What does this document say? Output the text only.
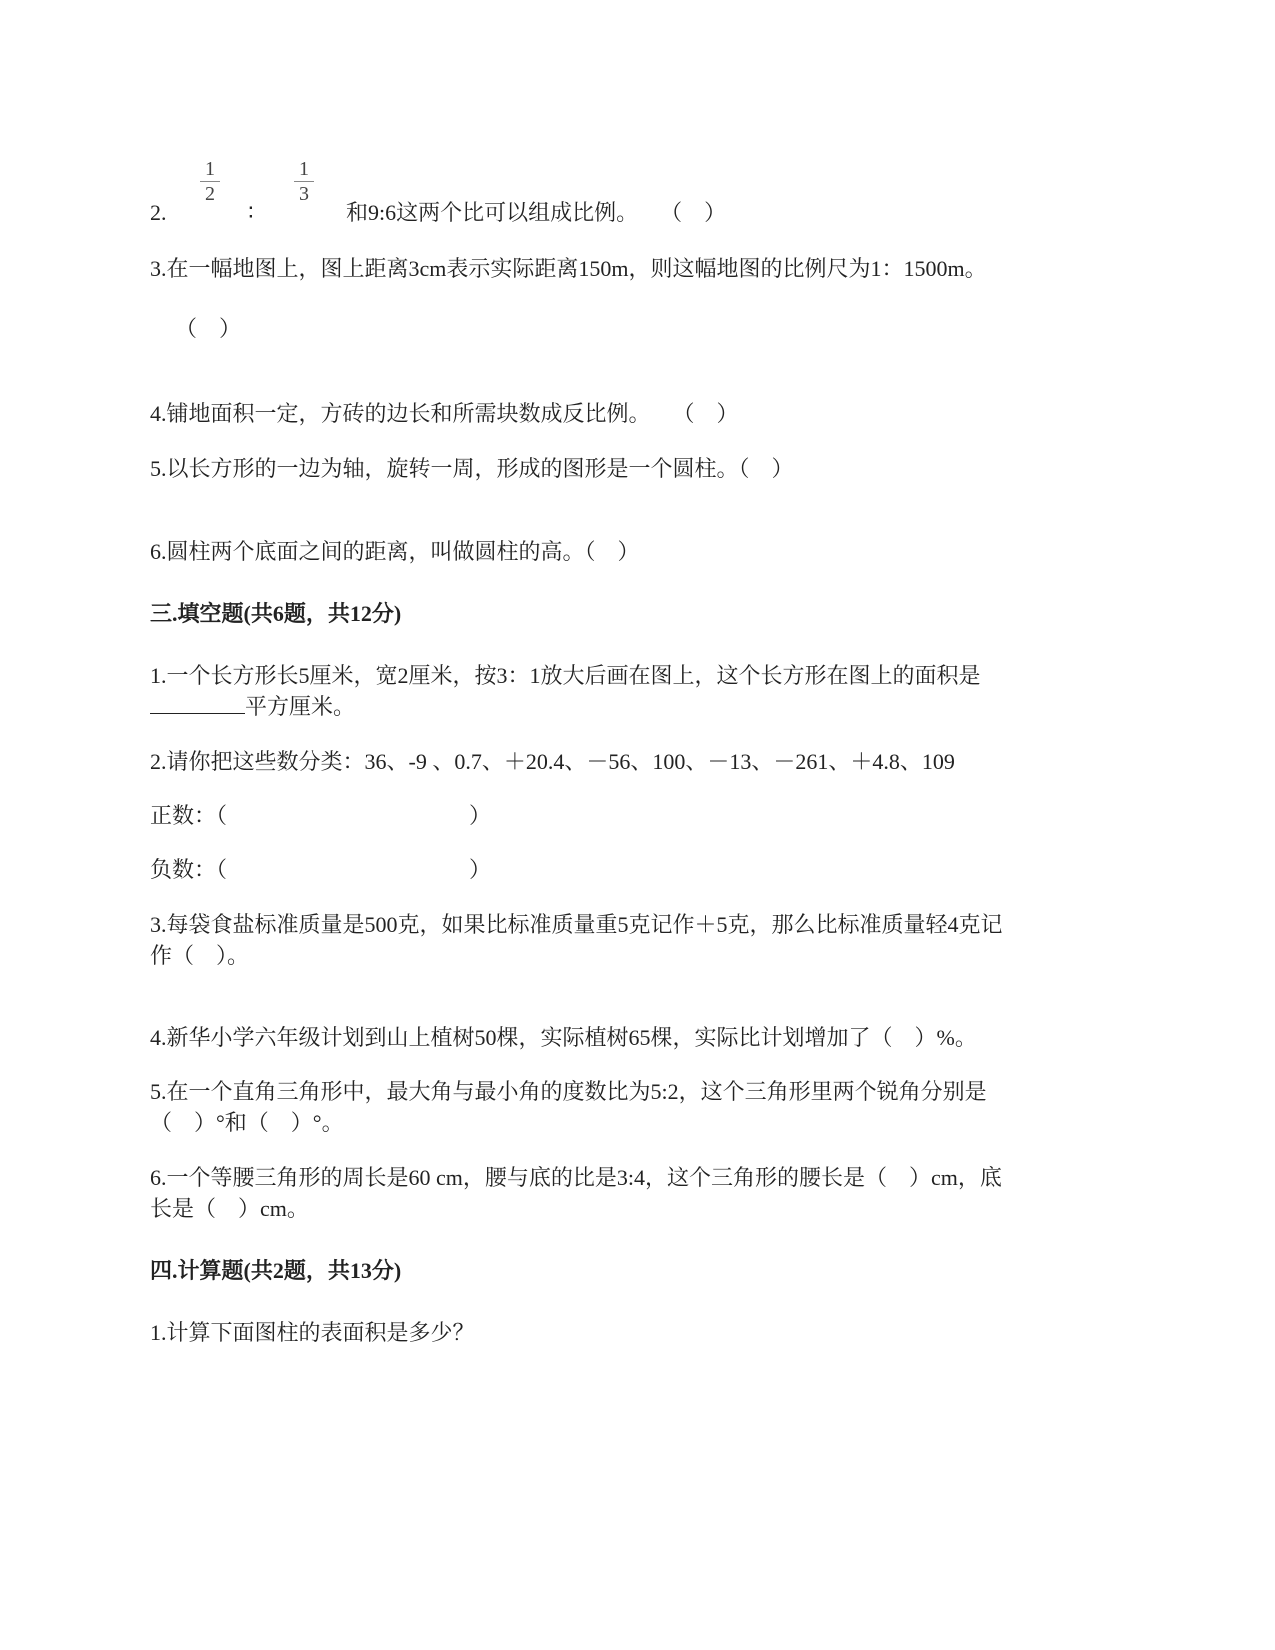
2.
1
2
∶
1
3
和9:6这两个比可以组成比例。　　（　）
3.在一幅地图上，图上距离3cm表示实际距离150m，则这幅地图的比例尺为1：1500m。
（　）
4.铺地面积一定，方砖的边长和所需块数成反比例。　　（　）
5.以长方形的一边为轴，旋转一周，形成的图形是一个圆柱。（　）
6.圆柱两个底面之间的距离，叫做圆柱的高。（　）
三.填空题(共6题，共12分)
1.一个长方形长5厘米，宽2厘米，按3：1放大后画在图上，这个长方形在图上的面积是
平方厘米。
2.请你把这些数分类：36、-9 、0.7、＋20.4、－56、100、－13、－261、＋4.8、109
正数：（　　　　　　　　　　　）
负数：（　　　　　　　　　　　）
3.每袋食盐标准质量是500克，如果比标准质量重5克记作＋5克，那么比标准质量轻4克记
作（　）。
4.新华小学六年级计划到山上植树50棵，实际植树65棵，实际比计划增加了（　）%。
5.在一个直角三角形中，最大角与最小角的度数比为5:2，这个三角形里两个锐角分别是
（　）°和（　）°。
6.一个等腰三角形的周长是60 cm，腰与底的比是3:4，这个三角形的腰长是（　）cm，底
长是（　）cm。
四.计算题(共2题，共13分)
1.计算下面图柱的表面积是多少？
